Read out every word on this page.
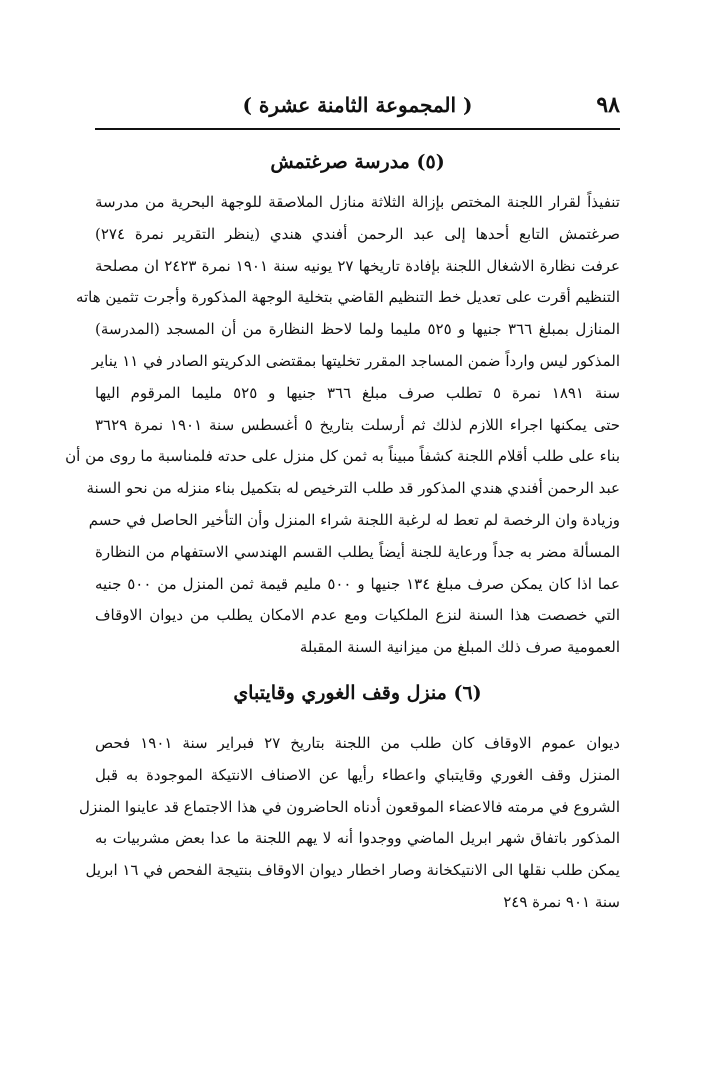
٩٨
( المجموعة الثامنة عشرة )
(٥) مدرسة صرغتمش
تنفيذاً لقرار اللجنة المختص بإزالة الثلاثة منازل الملاصقة للوجهة البحرية من مدرسة
صرغتمش التابع أحدها إلى عبد الرحمن أفندي هندي (ينظر التقرير نمرة ٢٧٤)
عرفت نظارة الاشغال اللجنة بإفادة تاريخها ٢٧ يونيه سنة ١٩٠١ نمرة ٢٤٢٣ ان مصلحة
التنظيم أقرت على تعديل خط التنظيم القاضي بتخلية الوجهة المذكورة وأجرت تثمين هاته
المنازل بمبلغ ٣٦٦ جنيها و ٥٢٥ مليما ولما لاحظ النظارة من أن المسجد (المدرسة)
المذكور ليس وارداً ضمن المساجد المقرر تخليتها بمقتضى الدكريتو الصادر في ١١ يناير
سنة ١٨٩١ نمرة ٥ تطلب صرف مبلغ ٣٦٦ جنيها و ٥٢٥ مليما المرقوم اليها
حتى يمكنها اجراء اللازم لذلك ثم أرسلت بتاريخ ٥ أغسطس سنة ١٩٠١ نمرة ٣٦٢٩
بناء على طلب أقلام اللجنة كشفاً مبيناً به ثمن كل منزل على حدته فلمناسبة ما روى من أن
عبد الرحمن أفندي هندي المذكور قد طلب الترخيص له بتكميل بناء منزله من نحو السنة
وزيادة وان الرخصة لم تعط له لرغبة اللجنة شراء المنزل وأن التأخير الحاصل في حسم
المسألة مضر به جداً ورعاية للجنة أيضاً يطلب القسم الهندسي الاستفهام من النظارة
عما اذا كان يمكن صرف مبلغ ١٣٤ جنيها و ٥٠٠ مليم قيمة ثمن المنزل من ٥٠٠ جنيه
التي خصصت هذا السنة لنزع الملكيات ومع عدم الامكان يطلب من ديوان الاوقاف
العمومية صرف ذلك المبلغ من ميزانية السنة المقبلة
(٦) منزل وقف الغوري وقايتباي
ديوان عموم الاوقاف كان طلب من اللجنة بتاريخ ٢٧ فبراير سنة ١٩٠١ فحص
المنزل وقف الغوري وقايتباي واعطاء رأيها عن الاصناف الانتيكة الموجودة به قبل
الشروع في مرمته فالاعضاء الموقعون أدناه الحاضرون في هذا الاجتماع قد عاينوا المنزل
المذكور باتفاق شهر ابريل الماضي ووجدوا أنه لا يهم اللجنة ما عدا بعض مشربيات به
يمكن طلب نقلها الى الانتيكخانة وصار اخطار ديوان الاوقاف بنتيجة الفحص في ١٦ ابريل
سنة ٩٠١ نمرة ٢٤٩
